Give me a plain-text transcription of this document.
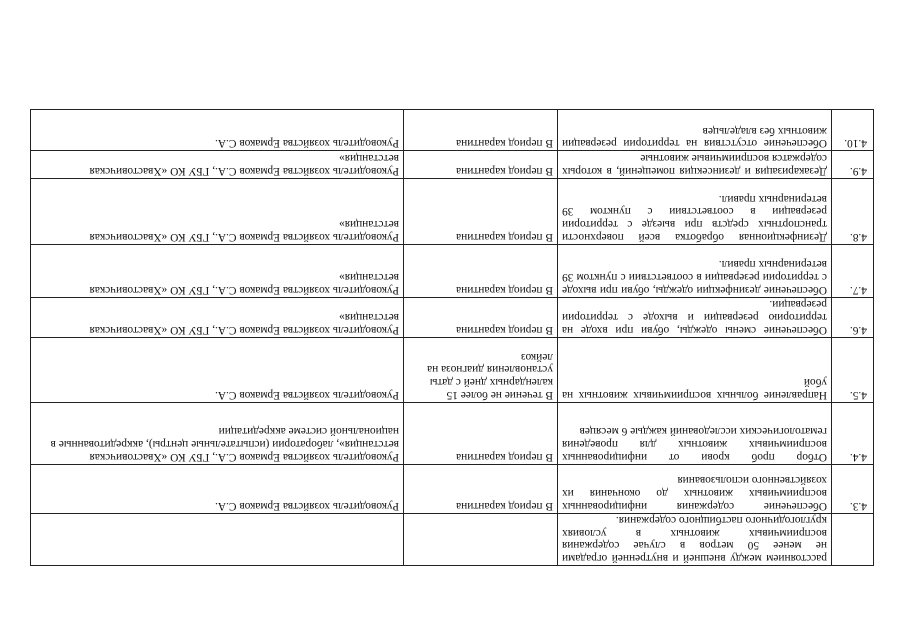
	расстоянием между внешней и внутренней оградами не менее 50 метров в случае содержания восприимчивых животных в условиях круглогодичного пастбищного содержания.		
4.3.	Обеспечение содержания инфицированных восприимчивых животных до окончания их хозяйственного использования	В период карантина	Руководитель хозяйства Ермаков С.А.
4.4.	Отбор проб крови от инфицированных восприимчивых животных для проведения гематологических исследований каждые 6 месяцев	В период карантина	Руководитель хозяйства Ермаков С.А., ГБУ КО «Хвастовичская ветстанция», лаборатории (испытательные центры), аккредитованные в национальной системе аккредитации
4.5.	Направление больных восприимчивых животных на убой	В течение не более 15 календарных дней с даты установления диагноза на лейкоз	Руководитель хозяйства Ермаков С.А.
4.6.	Обеспечение смены одежды, обуви при входе на территорию резервации и выходе с территории резервации.	В период карантина	Руководитель хозяйства Ермаков С.А., ГБУ КО «Хвастовичская ветстанция»
4.7.	Обеспечение дезинфекции одежды, обуви при выходе с территории резервации в соответствии с пунктом 39 ветеринарных правил.	В период карантина	Руководитель хозяйства Ермаков С.А., ГБУ КО «Хвастовичская ветстанция»
4.8.	Дезинфекционная обработка всей поверхности транспортных средств при выезде с территории резервации в соответствии с пунктом 39 ветеринарных правил.	В период карантина	Руководитель хозяйства Ермаков С.А., ГБУ КО «Хвастовичская ветстанция»
4.9.	Дезакаризация и дезинсекция помещений, в которых содержатся восприимчивые животные	В период карантина	Руководитель хозяйства Ермаков С.А., ГБУ КО «Хвастовичская ветстанция»
4.10.	Обеспечение отсутствия на территории резервации животных без владельцев	В период карантина	Руководитель хозяйства Ермаков С.А.
